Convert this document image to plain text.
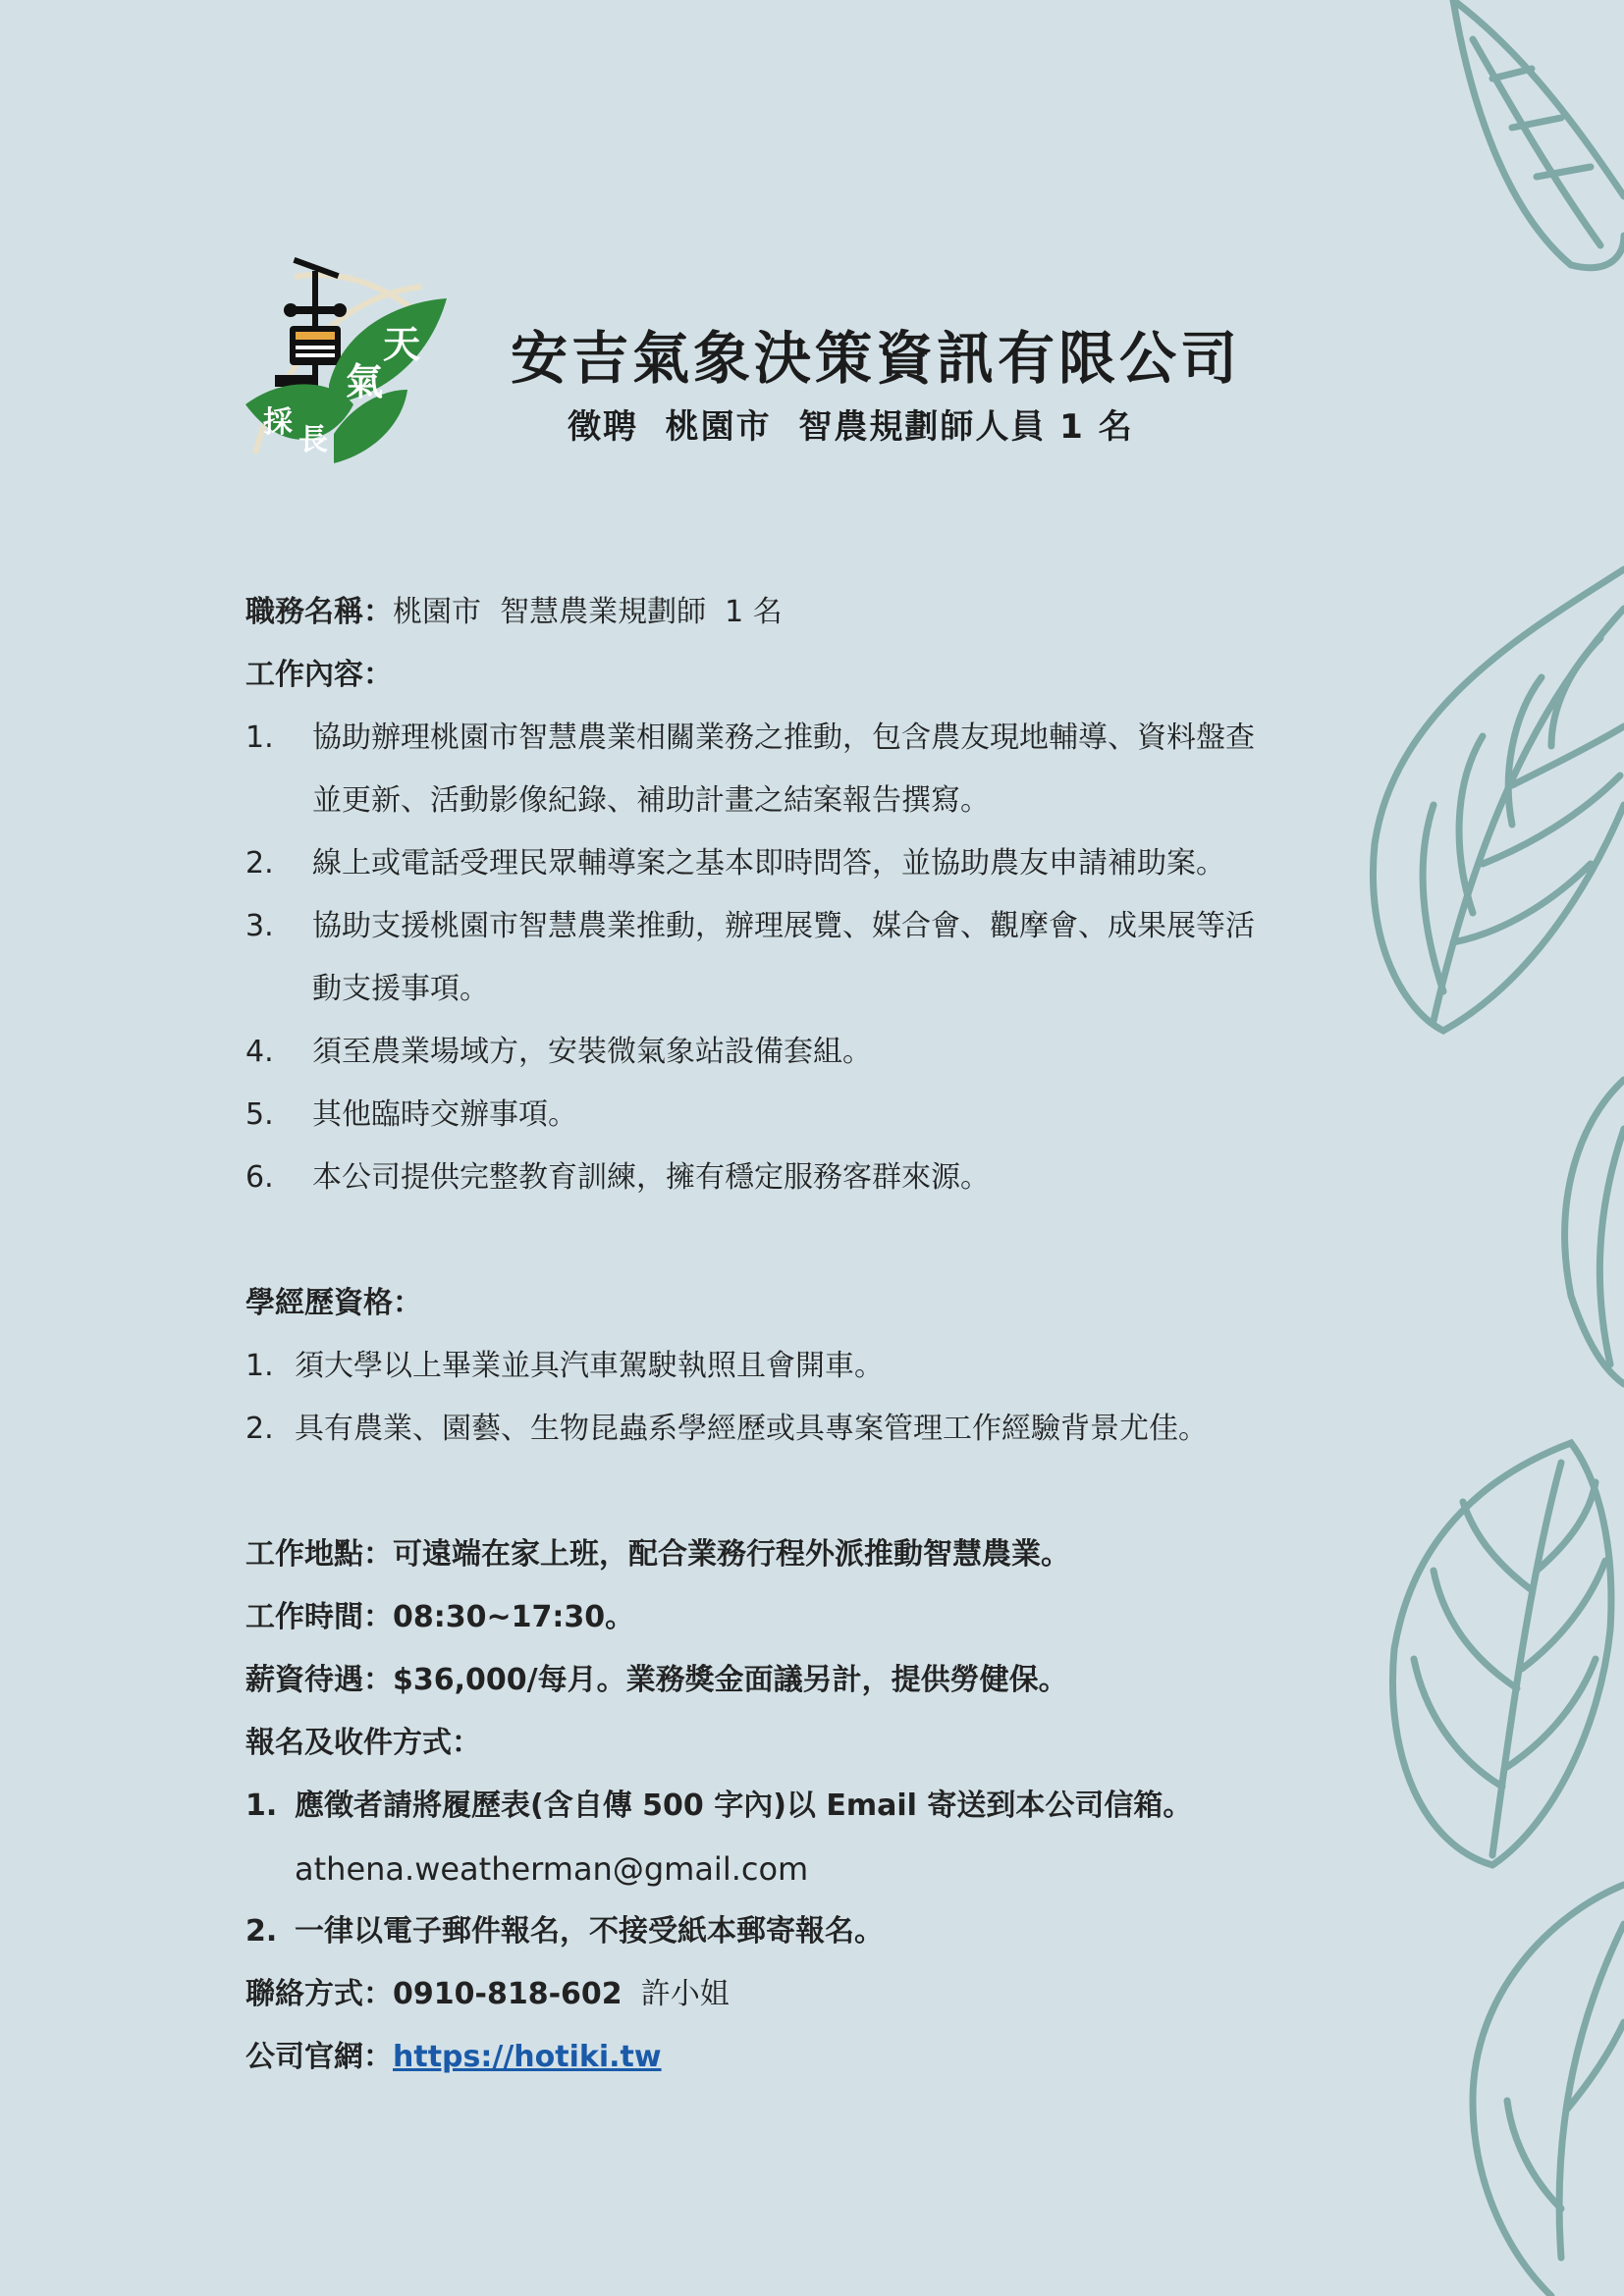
天
氣
採
長
安吉氣象決策資訊有限公司
徵聘  桃園市  智農規劃師人員 1 名
職務名稱：桃園市  智慧農業規劃師  1 名
工作內容：
1. 協助辦理桃園市智慧農業相關業務之推動，包含農友現地輔導、資料盤查
並更新、活動影像紀錄、補助計畫之結案報告撰寫。
2. 線上或電話受理民眾輔導案之基本即時問答，並協助農友申請補助案。
3. 協助支援桃園市智慧農業推動，辦理展覽、媒合會、觀摩會、成果展等活
動支援事項。
4. 須至農業場域方，安裝微氣象站設備套組。
5. 其他臨時交辦事項。
6. 本公司提供完整教育訓練，擁有穩定服務客群來源。
學經歷資格：
1. 須大學以上畢業並具汽車駕駛執照且會開車。
2. 具有農業、園藝、生物昆蟲系學經歷或具專案管理工作經驗背景尤佳。
工作地點：可遠端在家上班，配合業務行程外派推動智慧農業。
工作時間：08:30~17:30。
薪資待遇：$36,000/每月。業務獎金面議另計，提供勞健保。
報名及收件方式：
1. 應徵者請將履歷表(含自傳 500 字內)以 Email 寄送到本公司信箱。
athena.weatherman@gmail.com
2. 一律以電子郵件報名，不接受紙本郵寄報名。
聯絡方式：0910-818-602 許小姐
公司官網：https://hotiki.tw
